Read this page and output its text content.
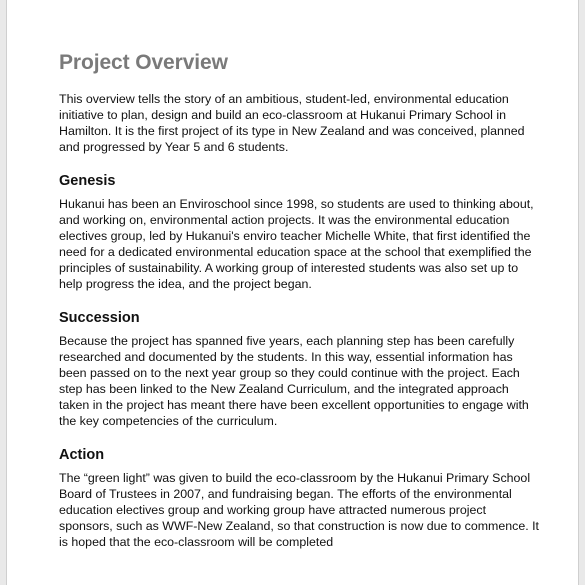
Project Overview

This overview tells the story of an ambitious, student-led, environmental education initiative to plan, design and build an eco-classroom at Hukanui Primary School in Hamilton. It is the first project of its type in New Zealand and was conceived, planned and progressed by Year 5 and 6 students.

Genesis

Hukanui has been an Enviroschool since 1998, so students are used to thinking about, and working on, environmental action projects. It was the environmental education electives group, led by Hukanui's enviro teacher Michelle White, that first identified the need for a dedicated environmental education space at the school that exemplified the principles of sustainability. A working group of interested students was also set up to help progress the idea, and the project began.

Succession

Because the project has spanned five years, each planning step has been carefully researched and documented by the students. In this way, essential information has been passed on to the next year group so they could continue with the project. Each step has been linked to the New Zealand Curriculum, and the integrated approach taken in the project has meant there have been excellent opportunities to engage with the key competencies of the curriculum.

Action

The “green light” was given to build the eco-classroom by the Hukanui Primary School Board of Trustees in 2007, and fundraising began. The efforts of the environmental education electives group and working group have attracted numerous project sponsors, such as WWF-New Zealand, so that construction is now due to commence. It is hoped that the eco-classroom will be completed
